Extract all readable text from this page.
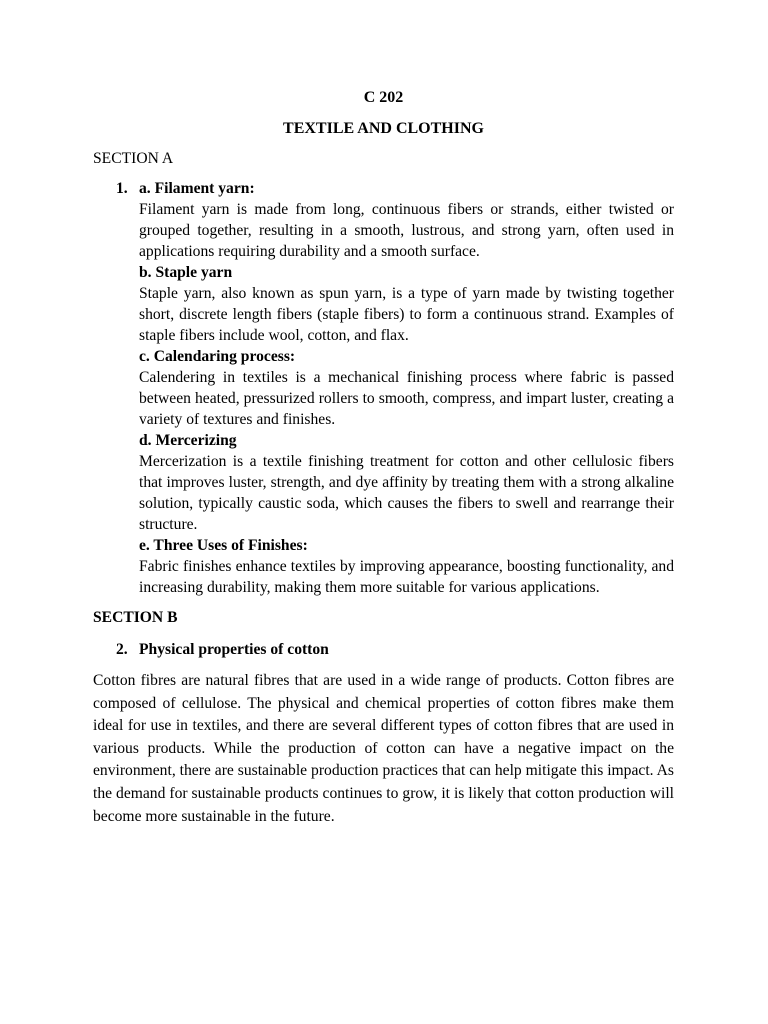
C 202
TEXTILE AND CLOTHING
SECTION A
1. a. Filament yarn:
Filament yarn is made from long, continuous fibers or strands, either twisted or grouped together, resulting in a smooth, lustrous, and strong yarn, often used in applications requiring durability and a smooth surface.
b. Staple yarn
Staple yarn, also known as spun yarn, is a type of yarn made by twisting together short, discrete length fibers (staple fibers) to form a continuous strand. Examples of staple fibers include wool, cotton, and flax.
c. Calendaring process:
Calendering in textiles is a mechanical finishing process where fabric is passed between heated, pressurized rollers to smooth, compress, and impart luster, creating a variety of textures and finishes.
d. Mercerizing
Mercerization is a textile finishing treatment for cotton and other cellulosic fibers that improves luster, strength, and dye affinity by treating them with a strong alkaline solution, typically caustic soda, which causes the fibers to swell and rearrange their structure.
e. Three Uses of Finishes:
Fabric finishes enhance textiles by improving appearance, boosting functionality, and increasing durability, making them more suitable for various applications.
SECTION B
2. Physical properties of cotton
Cotton fibres are natural fibres that are used in a wide range of products. Cotton fibres are composed of cellulose. The physical and chemical properties of cotton fibres make them ideal for use in textiles, and there are several different types of cotton fibres that are used in various products. While the production of cotton can have a negative impact on the environment, there are sustainable production practices that can help mitigate this impact. As the demand for sustainable products continues to grow, it is likely that cotton production will become more sustainable in the future.
